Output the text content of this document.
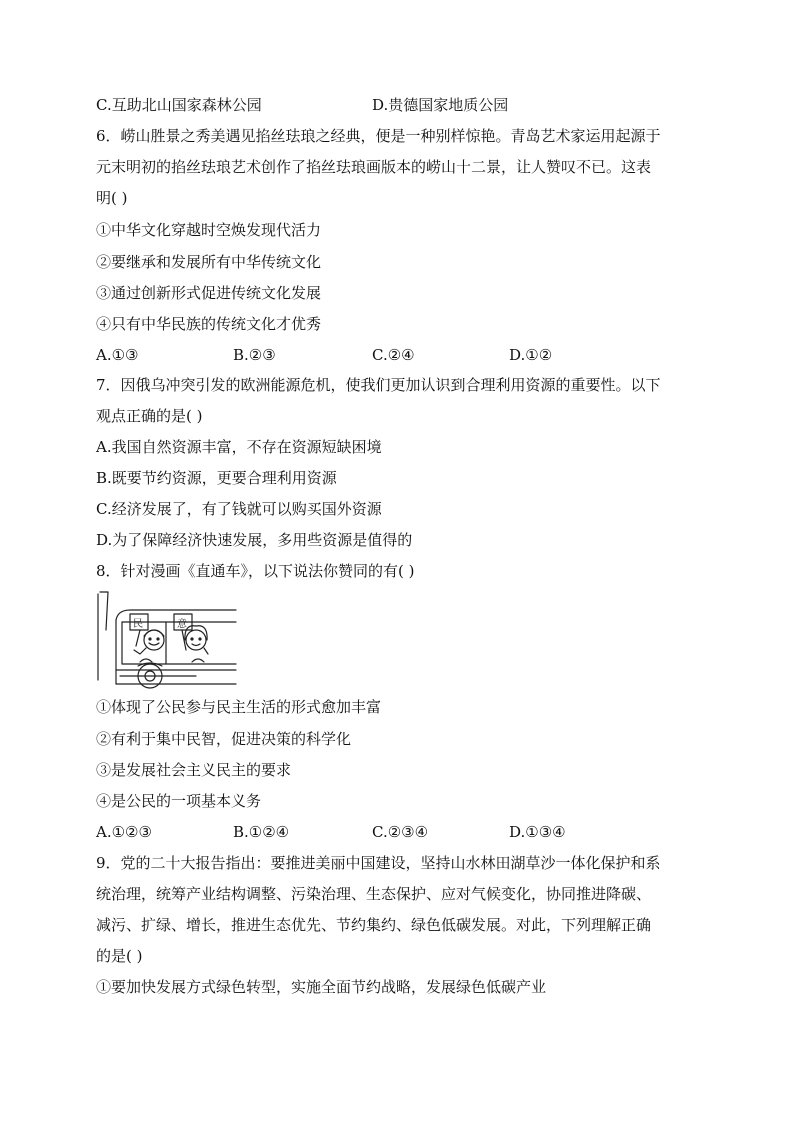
C.互助北山国家森林公园	D.贵德国家地质公园
6．崂山胜景之秀美遇见掐丝珐琅之经典，便是一种别样惊艳。青岛艺术家运用起源于
元末明初的掐丝珐琅艺术创作了掐丝珐琅画版本的崂山十二景，让人赞叹不已。这表
明( )
①中华文化穿越时空焕发现代活力
②要继承和发展所有中华传统文化
③通过创新形式促进传统文化发展
④只有中华民族的传统文化才优秀
A.①③	B.②③	C.②④	D.①②
7．因俄乌冲突引发的欧洲能源危机，使我们更加认识到合理利用资源的重要性。以下
观点正确的是( )
A.我国自然资源丰富，不存在资源短缺困境
B.既要节约资源，更要合理利用资源
C.经济发展了，有了钱就可以购买国外资源
D.为了保障经济快速发展，多用些资源是值得的
8．针对漫画《直通车》，以下说法你赞同的有( )
民	意
①体现了公民参与民主生活的形式愈加丰富
②有利于集中民智，促进决策的科学化
③是发展社会主义民主的要求
④是公民的一项基本义务
A.①②③	B.①②④	C.②③④	D.①③④
9．党的二十大报告指出：要推进美丽中国建设，坚持山水林田湖草沙一体化保护和系
统治理，统筹产业结构调整、污染治理、生态保护、应对气候变化，协同推进降碳、
减污、扩绿、增长，推进生态优先、节约集约、绿色低碳发展。对此，下列理解正确
的是( )
①要加快发展方式绿色转型，实施全面节约战略，发展绿色低碳产业
